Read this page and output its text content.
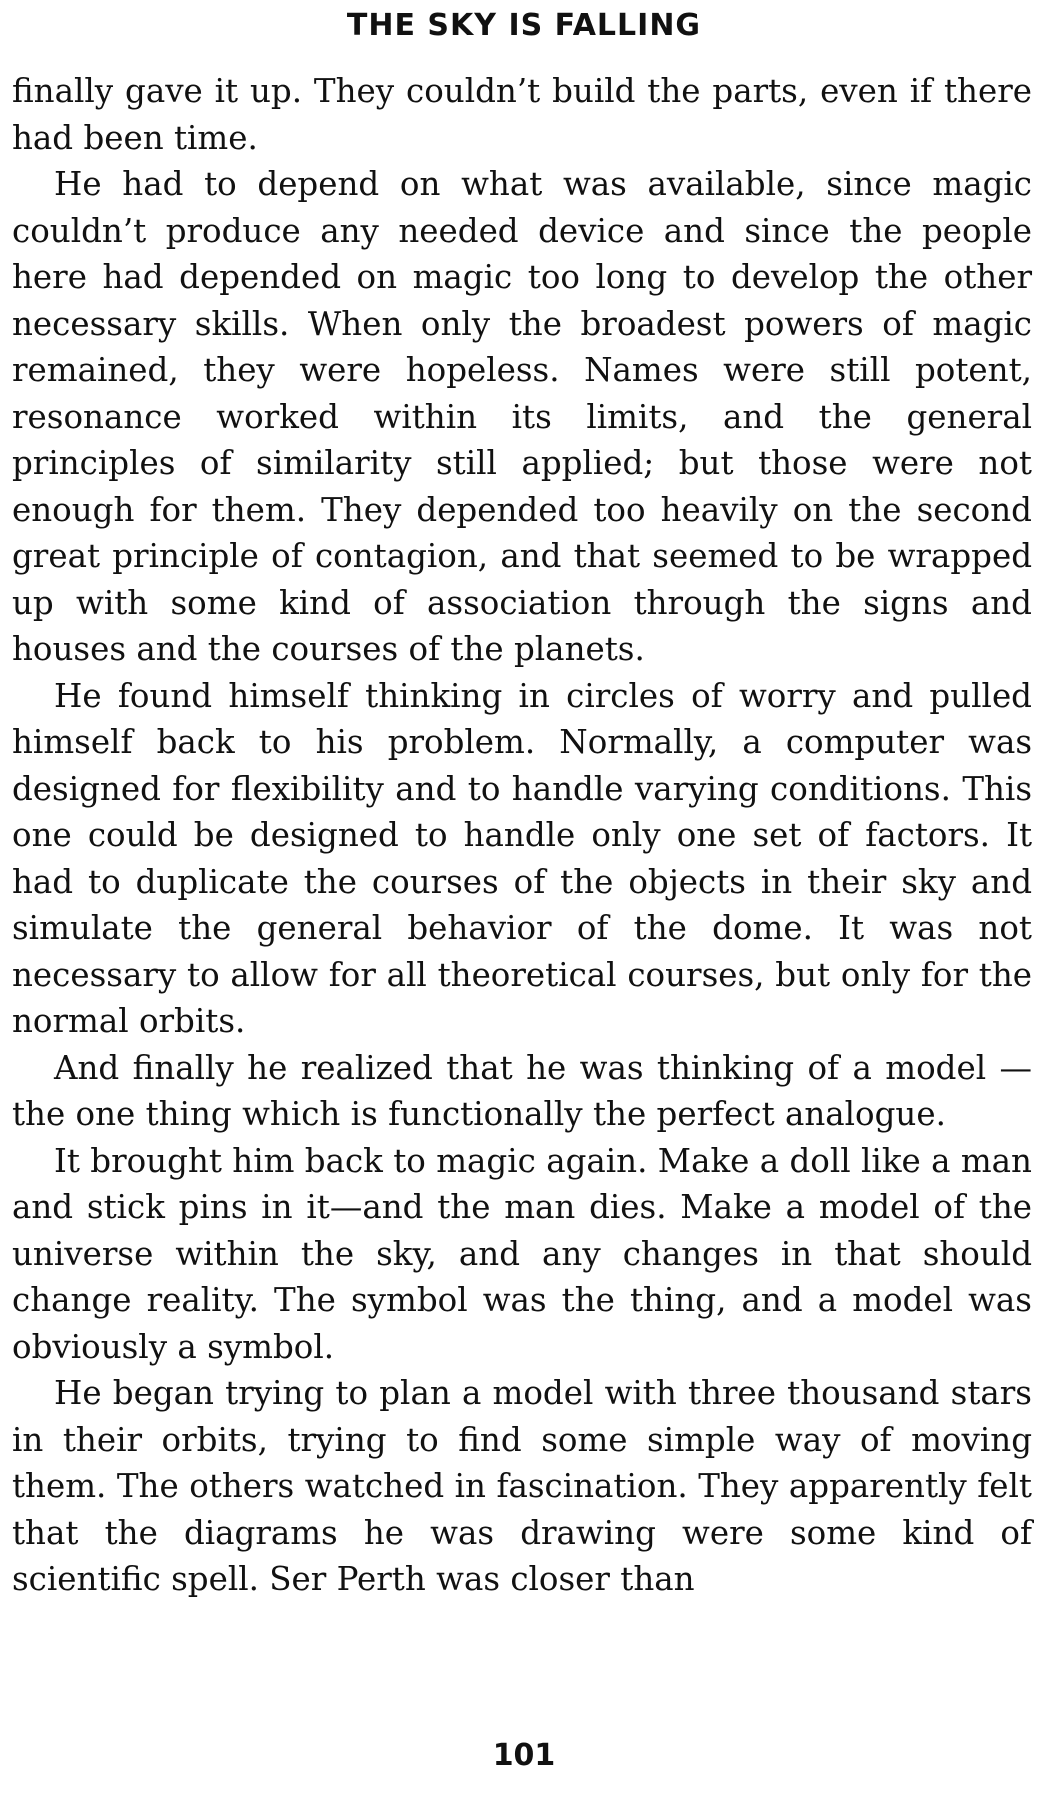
THE SKY IS FALLING

finally gave it up. They couldn’t build the parts, even if there had been time.

He had to depend on what was available, since magic couldn’t produce any needed device and since the people here had depended on magic too long to develop the other necessary skills. When only the broadest powers of magic remained, they were hopeless. Names were still potent, resonance worked within its limits, and the general principles of similarity still applied; but those were not enough for them. They depended too heavily on the second great principle of contagion, and that seemed to be wrapped up with some kind of association through the signs and houses and the courses of the planets.

He found himself thinking in circles of worry and pulled himself back to his problem. Normally, a computer was designed for flexibility and to handle varying conditions. This one could be designed to handle only one set of factors. It had to duplicate the courses of the objects in their sky and simulate the general behavior of the dome. It was not necessary to allow for all theoretical courses, but only for the normal orbits.

And finally he realized that he was thinking of a model —the one thing which is functionally the perfect analogue.

It brought him back to magic again. Make a doll like a man and stick pins in it—and the man dies. Make a model of the universe within the sky, and any changes in that should change reality. The symbol was the thing, and a model was obviously a symbol.

He began trying to plan a model with three thousand stars in their orbits, trying to find some simple way of moving them. The others watched in fascination. They apparently felt that the diagrams he was drawing were some kind of scientific spell. Ser Perth was closer than

101
